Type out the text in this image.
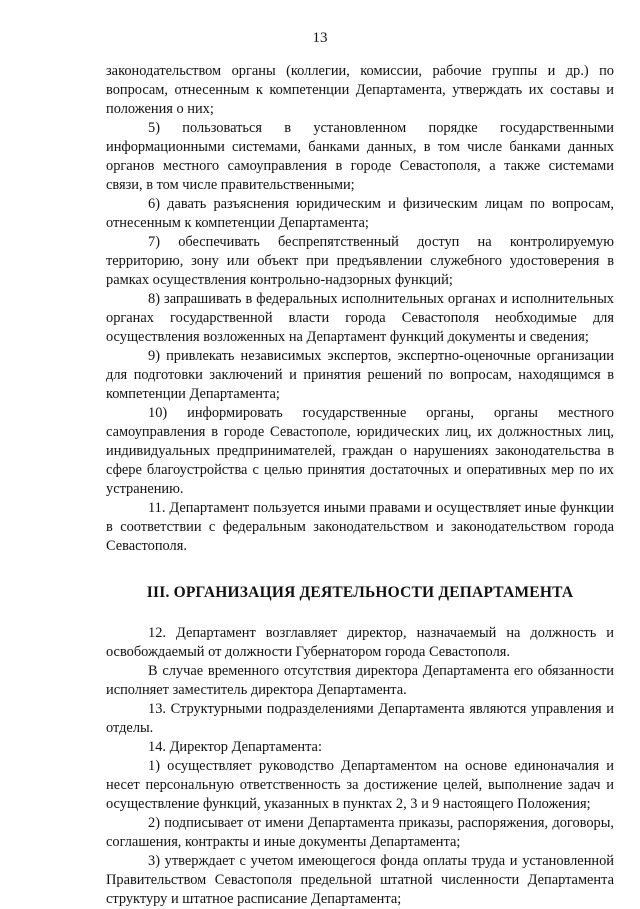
13

законодательством органы (коллегии, комиссии, рабочие группы и др.) по вопросам, отнесенным к компетенции Департамента, утверждать их составы и положения о них;

5) пользоваться в установленном порядке государственными информационными системами, банками данных, в том числе банками данных органов местного самоуправления в городе Севастополя, а также системами связи, в том числе правительственными;

6) давать разъяснения юридическим и физическим лицам по вопросам, отнесенным к компетенции Департамента;

7) обеспечивать беспрепятственный доступ на контролируемую территорию, зону или объект при предъявлении служебного удостоверения в рамках осуществления контрольно-надзорных функций;

8) запрашивать в федеральных исполнительных органах и исполнительных органах государственной власти города Севастополя необходимые для осуществления возложенных на Департамент функций документы и сведения;

9) привлекать независимых экспертов, экспертно-оценочные организации для подготовки заключений и принятия решений по вопросам, находящимся в компетенции Департамента;

10) информировать государственные органы, органы местного самоуправления в городе Севастополе, юридических лиц, их должностных лиц, индивидуальных предпринимателей, граждан о нарушениях законодательства в сфере благоустройства с целью принятия достаточных и оперативных мер по их устранению.

11. Департамент пользуется иными правами и осуществляет иные функции в соответствии с федеральным законодательством и законодательством города Севастополя.

III. ОРГАНИЗАЦИЯ ДЕЯТЕЛЬНОСТИ ДЕПАРТАМЕНТА

12. Департамент возглавляет директор, назначаемый на должность и освобождаемый от должности Губернатором города Севастополя.

В случае временного отсутствия директора Департамента его обязанности исполняет заместитель директора Департамента.

13. Структурными подразделениями Департамента являются управления и отделы.

14. Директор Департамента:

1) осуществляет руководство Департаментом на основе единоначалия и несет персональную ответственность за достижение целей, выполнение задач и осуществление функций, указанных в пунктах 2, 3 и 9 настоящего Положения;

2) подписывает от имени Департамента приказы, распоряжения, договоры, соглашения, контракты и иные документы Департамента;

3) утверждает с учетом имеющегося фонда оплаты труда и установленной Правительством Севастополя предельной штатной численности Департамента структуру и штатное расписание Департамента;
